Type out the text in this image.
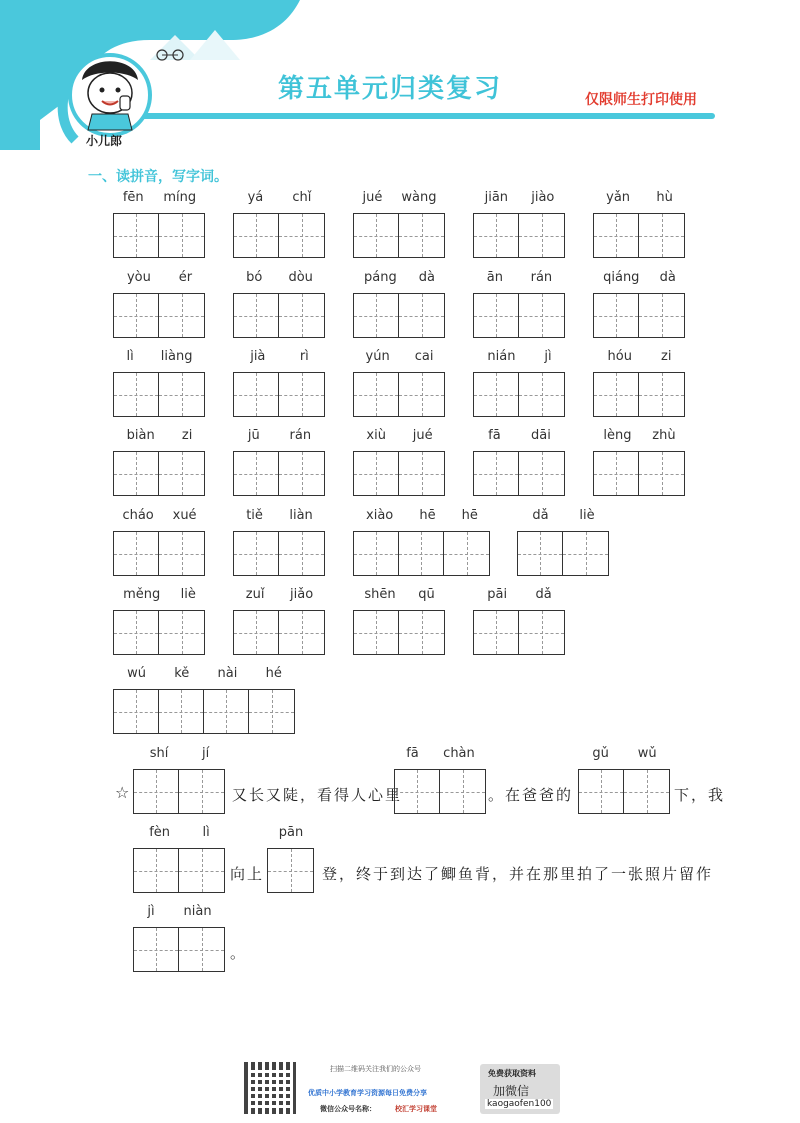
第五单元归类复习	仅限师生打印使用
小儿郎
一、读拼音，写字词。
fēn míng	yá chǐ	jué wàng	jiān jiào	yǎn hù
yòu ér	bó dòu	páng dà	ān rán	qiáng dà
lì liàng	jià	rì	yún cai	nián jì	hóu zi
biàn zi	jū rán	xiù jué	fā dāi	lèng zhù
cháo xué	tiě liàn	xiào hē hē	dǎ liè
měng liè	zuǐ jiǎo	shēn qū	pāi dǎ
wú kě nài hé
☆	又长又陡，看得人心里	。在爸爸的	下，我
向上	登，终于到达了鲫鱼背，并在那里拍了一张照片留作
。
shí	jí	fā chàn	gǔ wǔ
fèn lì	pān
jì niàn
扫描二维码关注我们的公众号
优质中小学教育学习资源每日免费分享
微信公众号名称：	校汇学习课堂
免费获取资料
加微信
kaogaofen100
